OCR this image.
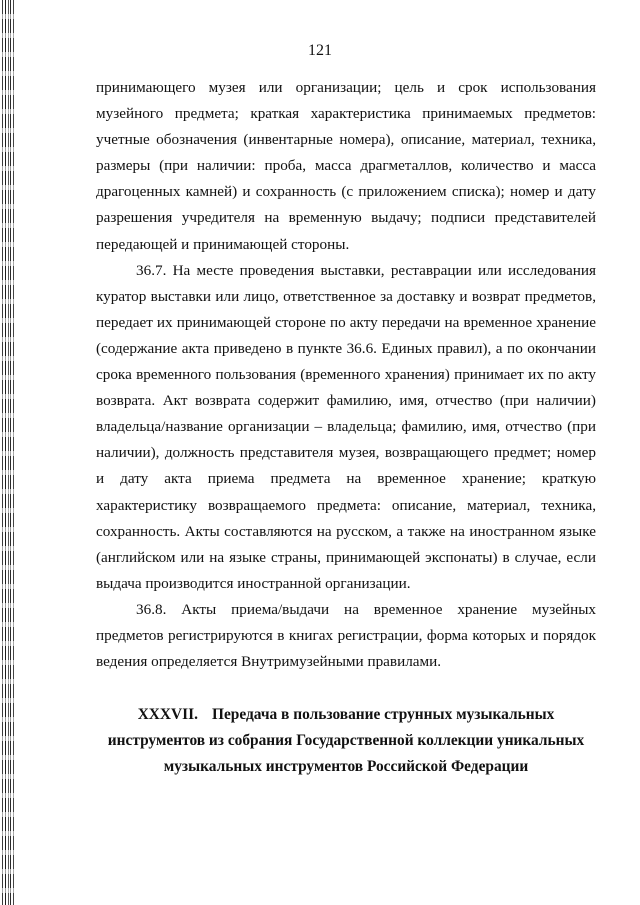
121

принимающего музея или организации; цель и срок использования музейного предмета; краткая характеристика принимаемых предметов: учетные обозначения (инвентарные номера), описание, материал, техника, размеры (при наличии: проба, масса драгметаллов, количество и масса драгоценных камней) и сохранность (с приложением списка); номер и дату разрешения учредителя на временную выдачу; подписи представителей передающей и принимающей стороны.

36.7. На месте проведения выставки, реставрации или исследования куратор выставки или лицо, ответственное за доставку и возврат предметов, передает их принимающей стороне по акту передачи на временное хранение (содержание акта приведено в пункте 36.6. Единых правил), а по окончании срока временного пользования (временного хранения) принимает их по акту возврата. Акт возврата содержит фамилию, имя, отчество (при наличии) владельца/название организации – владельца; фамилию, имя, отчество (при наличии), должность представителя музея, возвращающего предмет; номер и дату акта приема предмета на временное хранение; краткую характеристику возвращаемого предмета: описание, материал, техника, сохранность. Акты составляются на русском, а также на иностранном языке (английском или на языке страны, принимающей экспонаты) в случае, если выдача производится иностранной организации.

36.8. Акты приема/выдачи на временное хранение музейных предметов регистрируются в книгах регистрации, форма которых и порядок ведения определяется Внутримузейными правилами.

XXXVII. Передача в пользование струнных музыкальных инструментов из собрания Государственной коллекции уникальных музыкальных инструментов Российской Федерации
